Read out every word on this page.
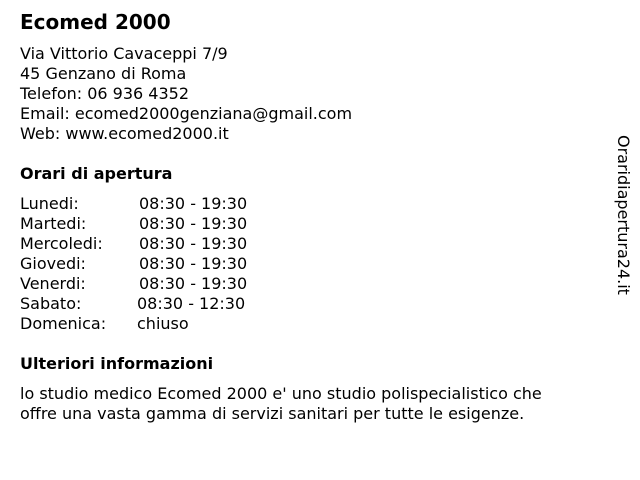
Ecomed 2000
Via Vittorio Cavaceppi 7/9
45 Genzano di Roma
Telefon: 06 936 4352
Email: ecomed2000genziana@gmail.com
Web: www.ecomed2000.it
Orari di apertura
Lunedi:	08:30 - 19:30
Martedi:	08:30 - 19:30
Mercoledi: 08:30 - 19:30
Giovedi:	08:30 - 19:30
Venerdi:	08:30 - 19:30
Sabato:	08:30 - 12:30
Domenica: chiuso
Ulteriori informazioni
lo studio medico Ecomed 2000 e' uno studio polispecialistico che
offre una vasta gamma di servizi sanitari per tutte le esigenze.
Oraridiapertura24.it
